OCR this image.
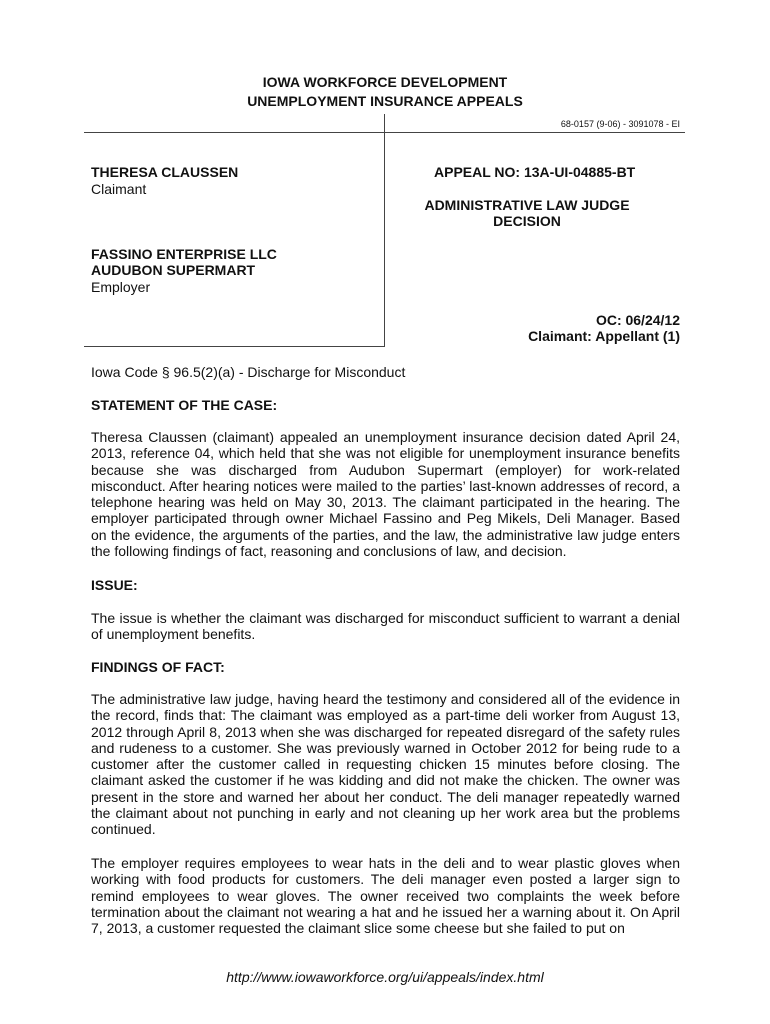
IOWA WORKFORCE DEVELOPMENT
UNEMPLOYMENT INSURANCE APPEALS
68-0157 (9-06) - 3091078 - EI
THERESA CLAUSSEN
Claimant
FASSINO ENTERPRISE LLC
AUDUBON SUPERMART
Employer
APPEAL NO: 13A-UI-04885-BT
ADMINISTRATIVE LAW JUDGE
DECISION
OC: 06/24/12
Claimant: Appellant (1)
Iowa Code § 96.5(2)(a) - Discharge for Misconduct
STATEMENT OF THE CASE:
Theresa Claussen (claimant) appealed an unemployment insurance decision dated April 24, 2013, reference 04, which held that she was not eligible for unemployment insurance benefits because she was discharged from Audubon Supermart (employer) for work-related misconduct. After hearing notices were mailed to the parties’ last-known addresses of record, a telephone hearing was held on May 30, 2013. The claimant participated in the hearing. The employer participated through owner Michael Fassino and Peg Mikels, Deli Manager. Based on the evidence, the arguments of the parties, and the law, the administrative law judge enters the following findings of fact, reasoning and conclusions of law, and decision.
ISSUE:
The issue is whether the claimant was discharged for misconduct sufficient to warrant a denial of unemployment benefits.
FINDINGS OF FACT:
The administrative law judge, having heard the testimony and considered all of the evidence in the record, finds that: The claimant was employed as a part-time deli worker from August 13, 2012 through April 8, 2013 when she was discharged for repeated disregard of the safety rules and rudeness to a customer. She was previously warned in October 2012 for being rude to a customer after the customer called in requesting chicken 15 minutes before closing. The claimant asked the customer if he was kidding and did not make the chicken. The owner was present in the store and warned her about her conduct. The deli manager repeatedly warned the claimant about not punching in early and not cleaning up her work area but the problems continued.
The employer requires employees to wear hats in the deli and to wear plastic gloves when working with food products for customers. The deli manager even posted a larger sign to remind employees to wear gloves. The owner received two complaints the week before termination about the claimant not wearing a hat and he issued her a warning about it. On April 7, 2013, a customer requested the claimant slice some cheese but she failed to put on
http://www.iowaworkforce.org/ui/appeals/index.html
